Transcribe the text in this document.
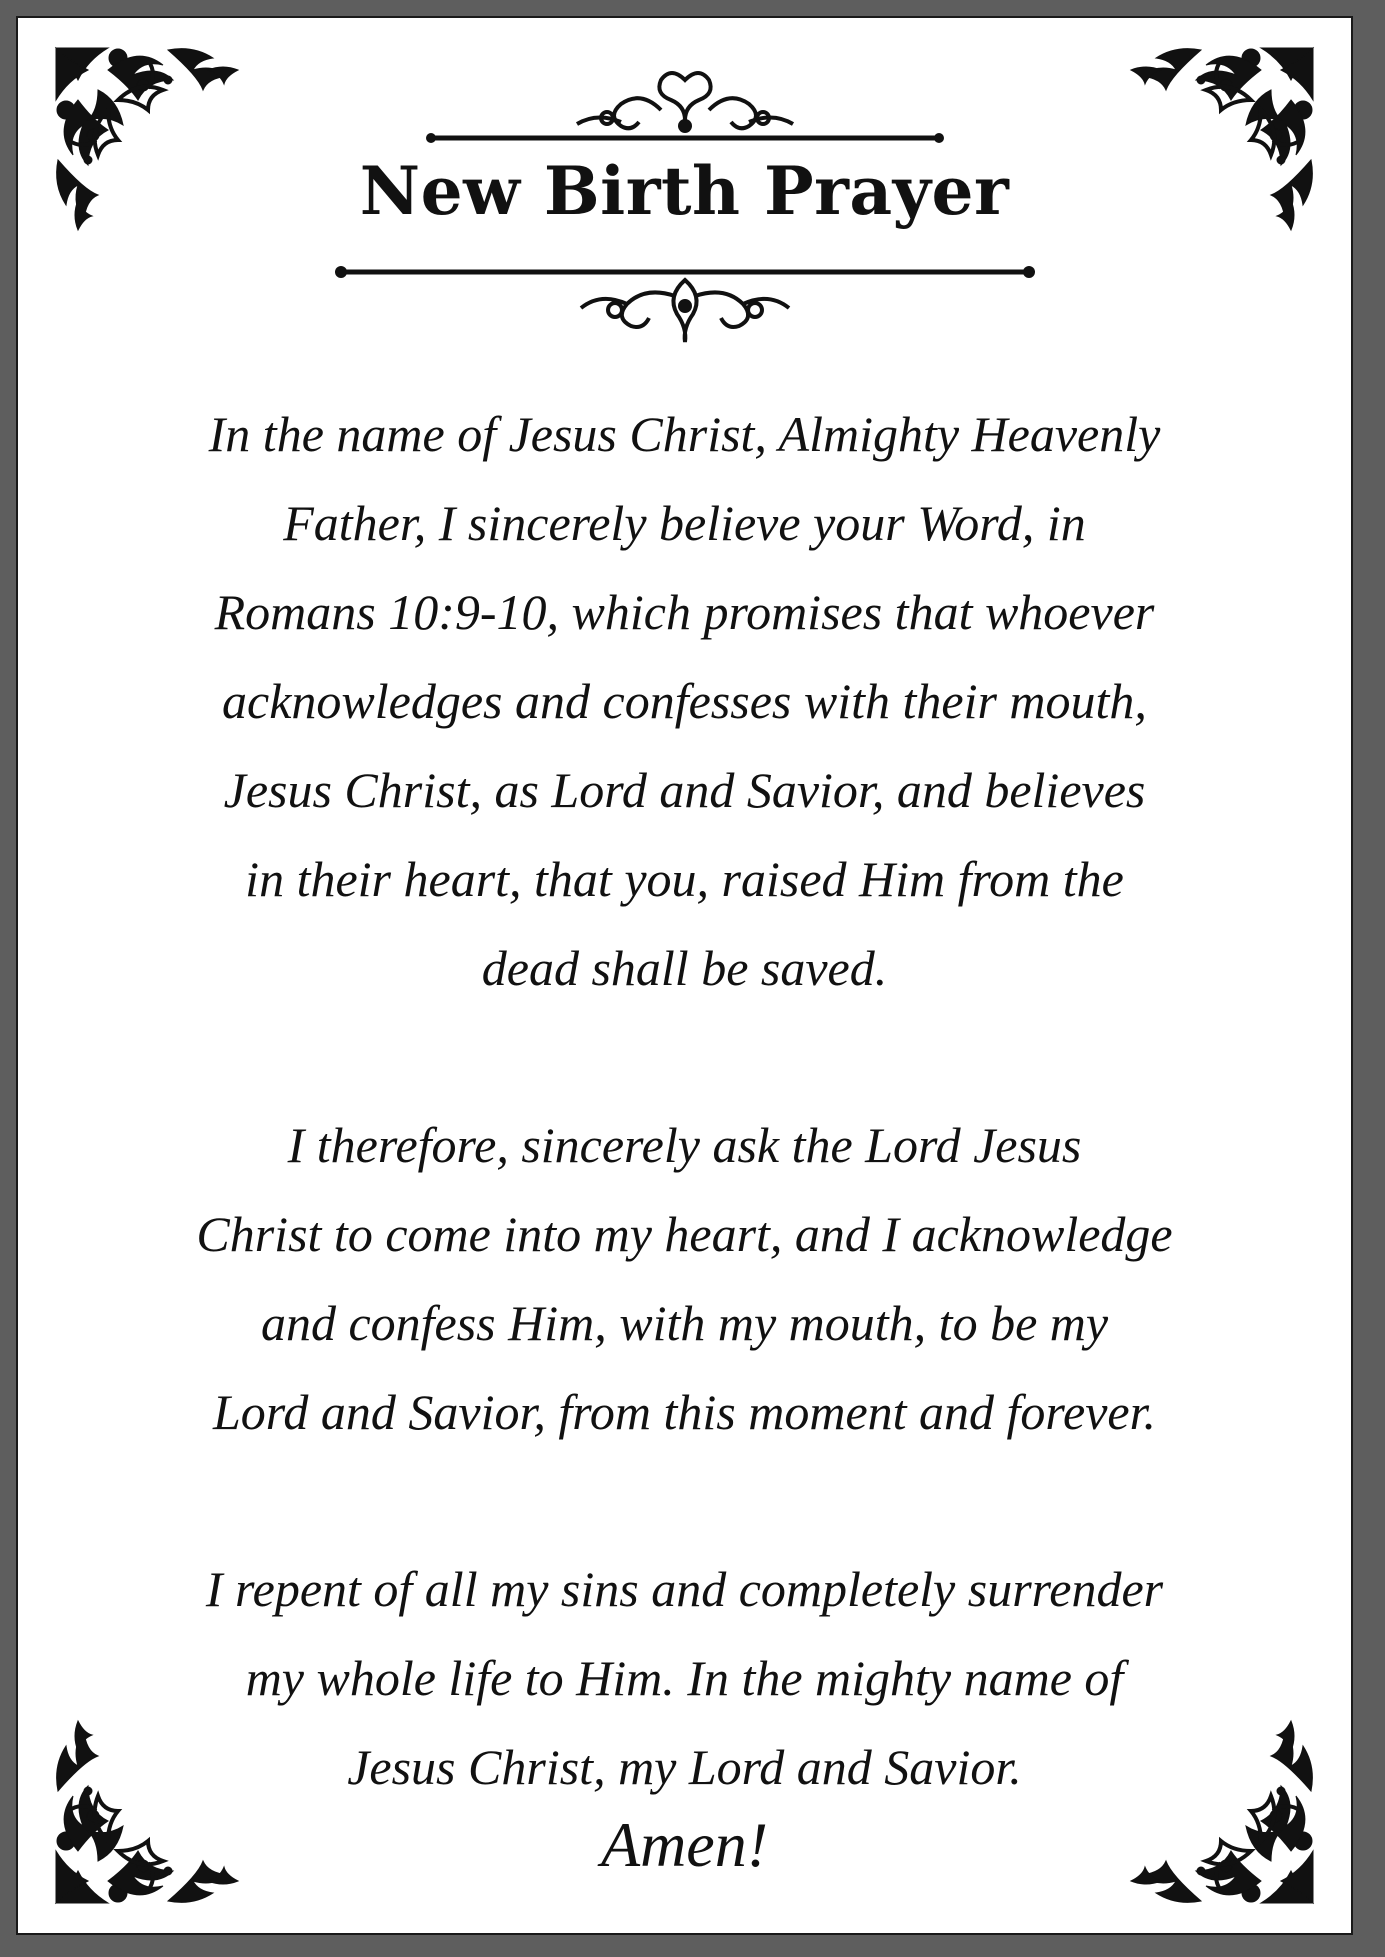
New Birth Prayer

In the name of Jesus Christ, Almighty Heavenly
Father, I sincerely believe your Word, in
Romans 10:9-10, which promises that whoever
acknowledges and confesses with their mouth,
Jesus Christ, as Lord and Savior, and believes
in their heart, that you, raised Him from the
dead shall be saved.

I therefore, sincerely ask the Lord Jesus
Christ to come into my heart, and I acknowledge
and confess Him, with my mouth, to be my
Lord and Savior, from this moment and forever.

I repent of all my sins and completely surrender
my whole life to Him. In the mighty name of
Jesus Christ, my Lord and Savior.

Amen!
